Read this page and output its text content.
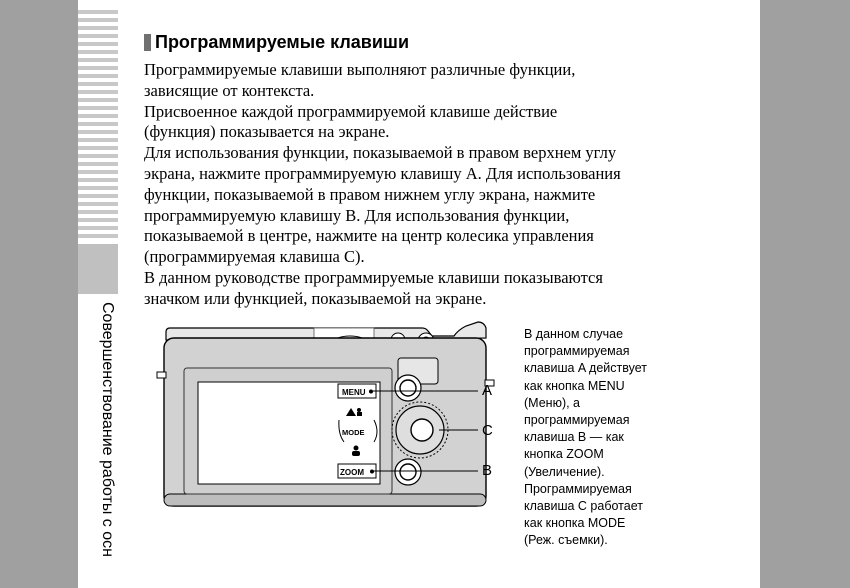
Совершенствование работы с осн
Программируемые клавиши

Программируемые клавиши выполняют различные функции,
зависящие от контекста.

Присвоенное каждой программируемой клавише действие
(функция) показывается на экране.

Для использования функции, показываемой в правом верхнем углу
экрана, нажмите программируемую клавишу A. Для использования
функции, показываемой в правом нижнем углу экрана, нажмите
программируемую клавишу B. Для использования функции,
показываемой в центре, нажмите на центр колесика управления
(программируемая клавиша C).

В данном руководстве программируемые клавиши показываются
значком или функцией, показываемой на экране.

MENU
MODE
ZOOM
A
C
B
В данном случае
программируемая
клавиша A действует
как кнопка MENU
(Меню), а
программируемая
клавиша B — как
кнопка ZOOM
(Увеличение).
Программируемая
клавиша C работает
как кнопка MODE
(Реж. съемки).
